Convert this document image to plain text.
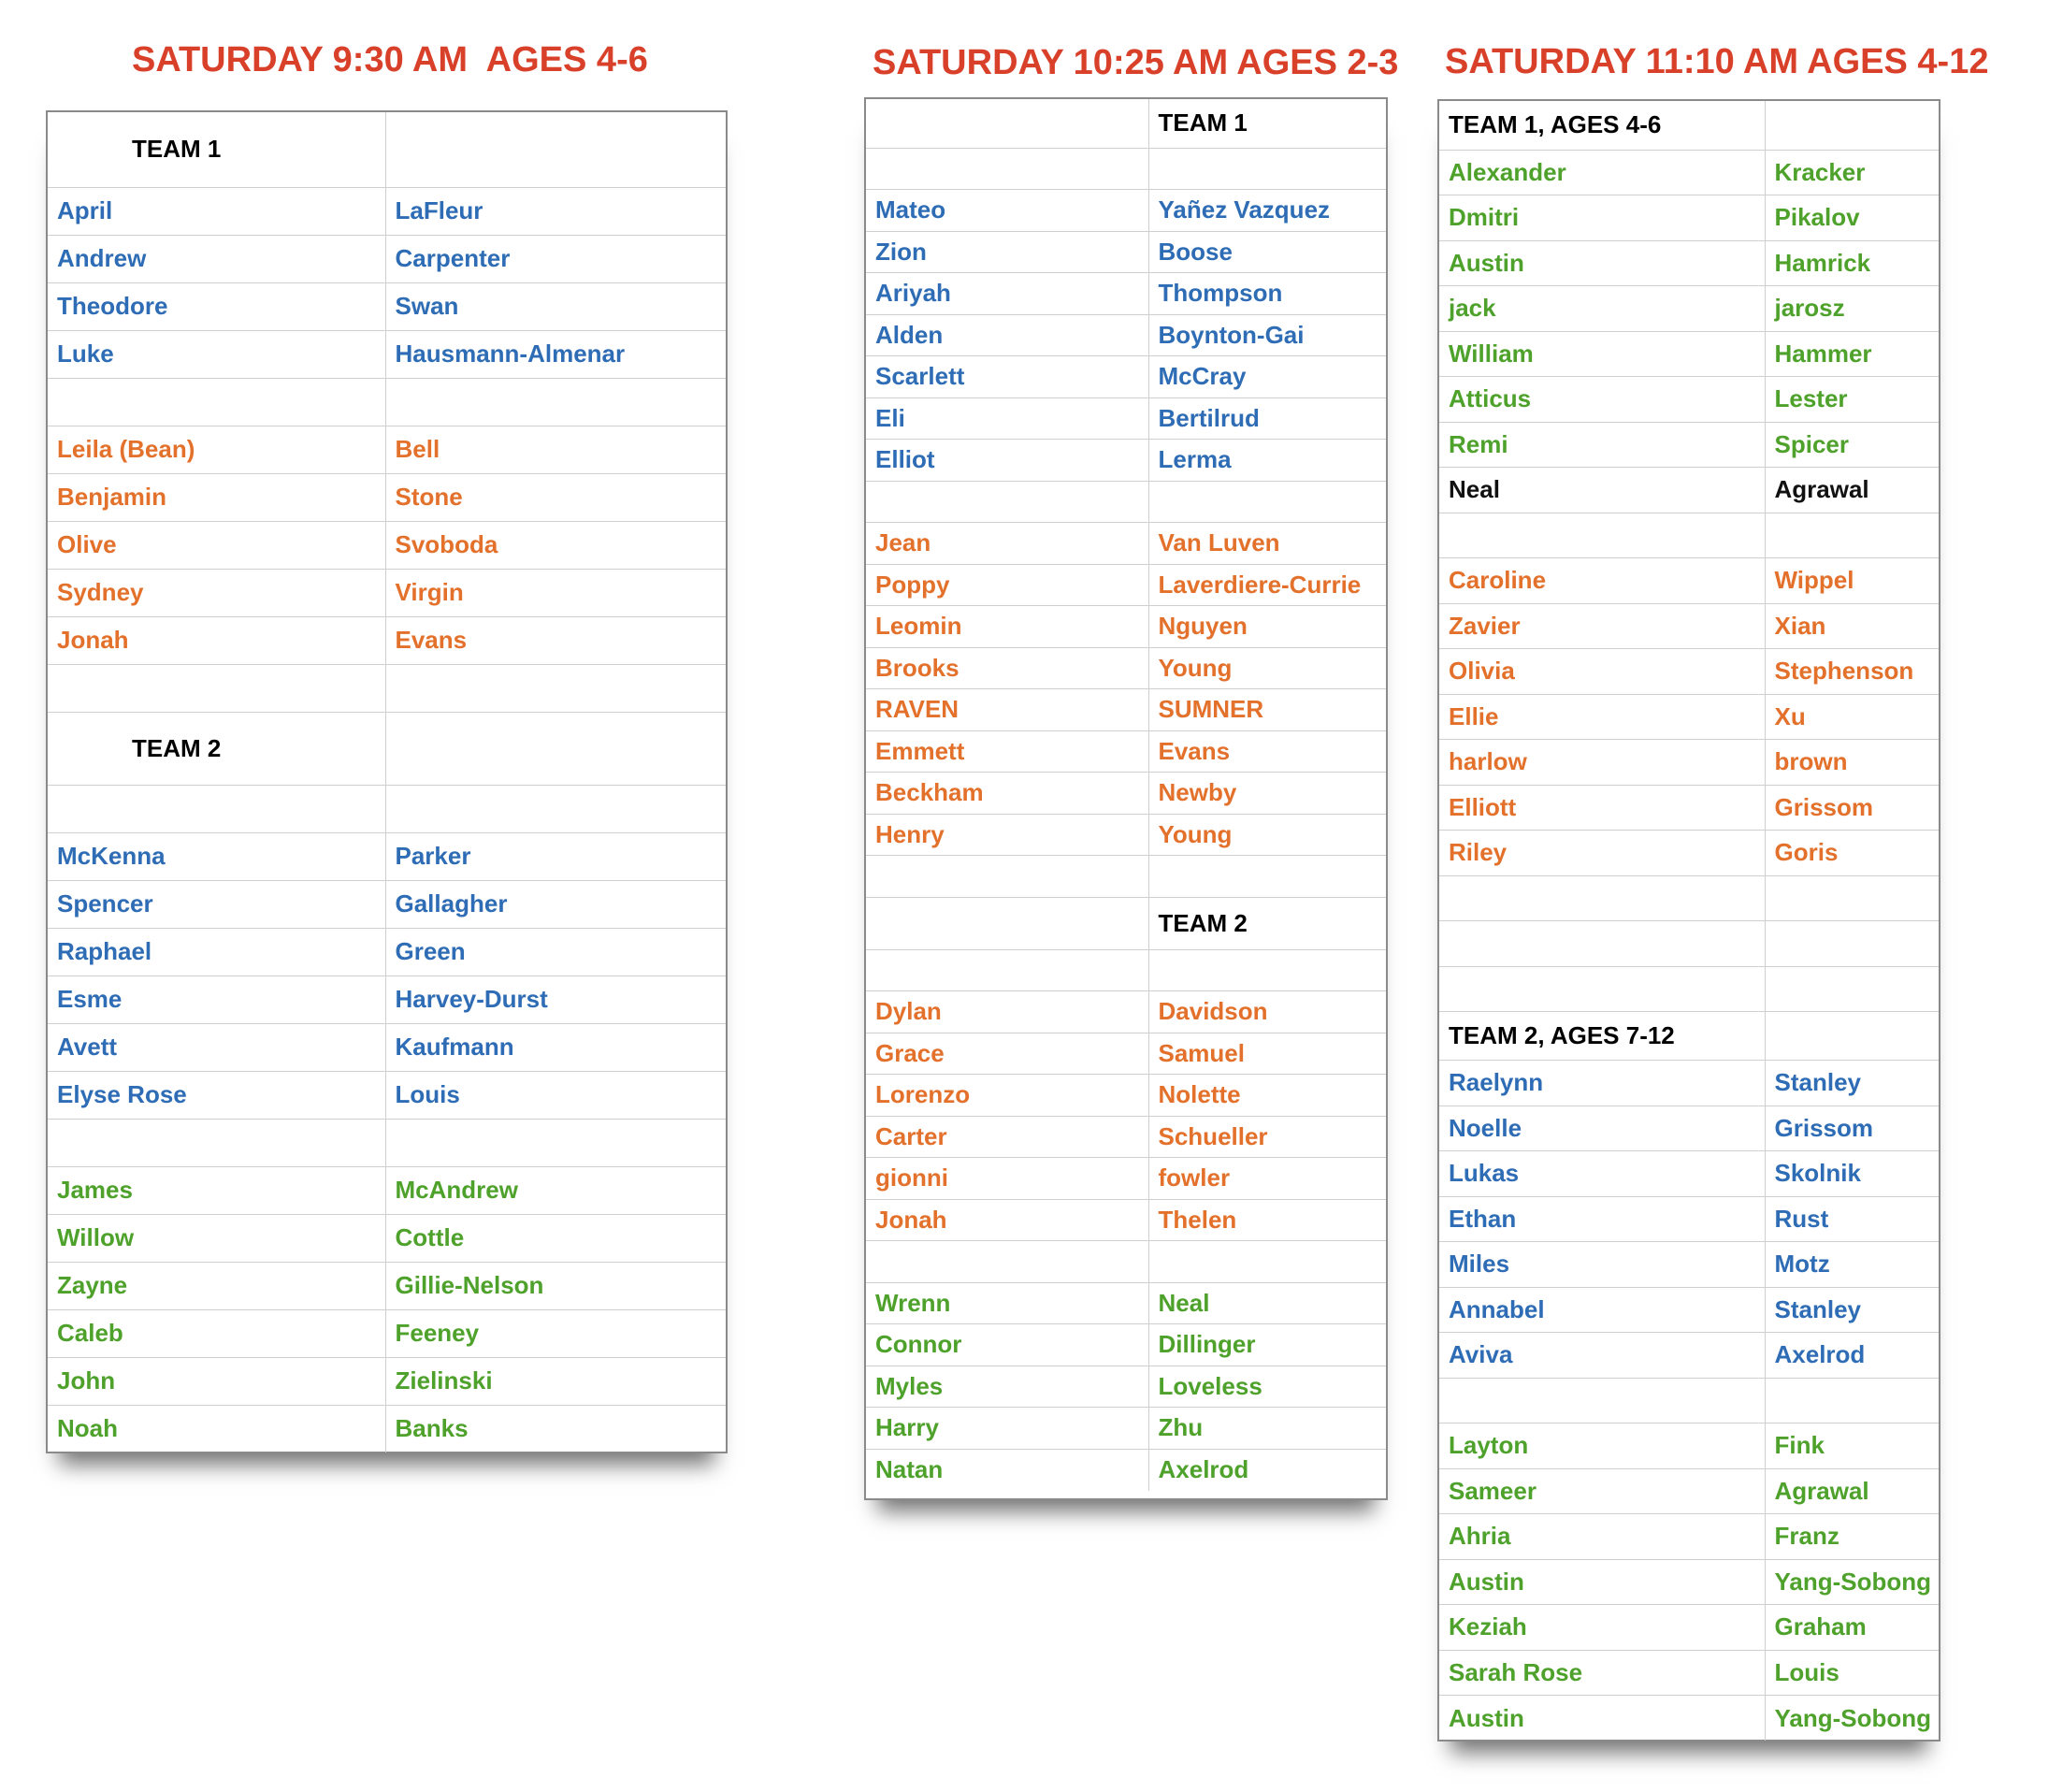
SATURDAY 9:30 AM  AGES 4-6
TEAM 1	
April	LaFleur
Andrew	Carpenter
Theodore	Swan
Luke	Hausmann-Almenar

Leila (Bean)	Bell
Benjamin	Stone
Olive	Svoboda
Sydney	Virgin
Jonah	Evans

TEAM 2	

McKenna	Parker
Spencer	Gallagher
Raphael	Green
Esme	Harvey-Durst
Avett	Kaufmann
Elyse Rose	Louis

James	McAndrew
Willow	Cottle
Zayne	Gillie-Nelson
Caleb	Feeney
John	Zielinski
Noah	Banks
SATURDAY 10:25 AM AGES 2-3
	TEAM 1

Mateo	Yañez Vazquez
Zion	Boose
Ariyah	Thompson
Alden	Boynton-Gai
Scarlett	McCray
Eli	Bertilrud
Elliot	Lerma

Jean	Van Luven
Poppy	Laverdiere-Currie
Leomin	Nguyen
Brooks	Young
RAVEN	SUMNER
Emmett	Evans
Beckham	Newby
Henry	Young

	TEAM 2

Dylan	Davidson
Grace	Samuel
Lorenzo	Nolette
Carter	Schueller
gionni	fowler
Jonah	Thelen

Wrenn	Neal
Connor	Dillinger
Myles	Loveless
Harry	Zhu
Natan	Axelrod
SATURDAY 11:10 AM AGES 4-12
TEAM 1, AGES 4-6	
Alexander	Kracker
Dmitri	Pikalov
Austin	Hamrick
jack	jarosz
William	Hammer
Atticus	Lester
Remi	Spicer
Neal	Agrawal

Caroline	Wippel
Zavier	Xian
Olivia	Stephenson
Ellie	Xu
harlow	brown
Elliott	Grissom
Riley	Goris

TEAM 2, AGES 7-12	
Raelynn	Stanley
Noelle	Grissom
Lukas	Skolnik
Ethan	Rust
Miles	Motz
Annabel	Stanley
Aviva	Axelrod

Layton	Fink
Sameer	Agrawal
Ahria	Franz
Austin	Yang-Sobong
Keziah	Graham
Sarah Rose	Louis
Austin	Yang-Sobong
